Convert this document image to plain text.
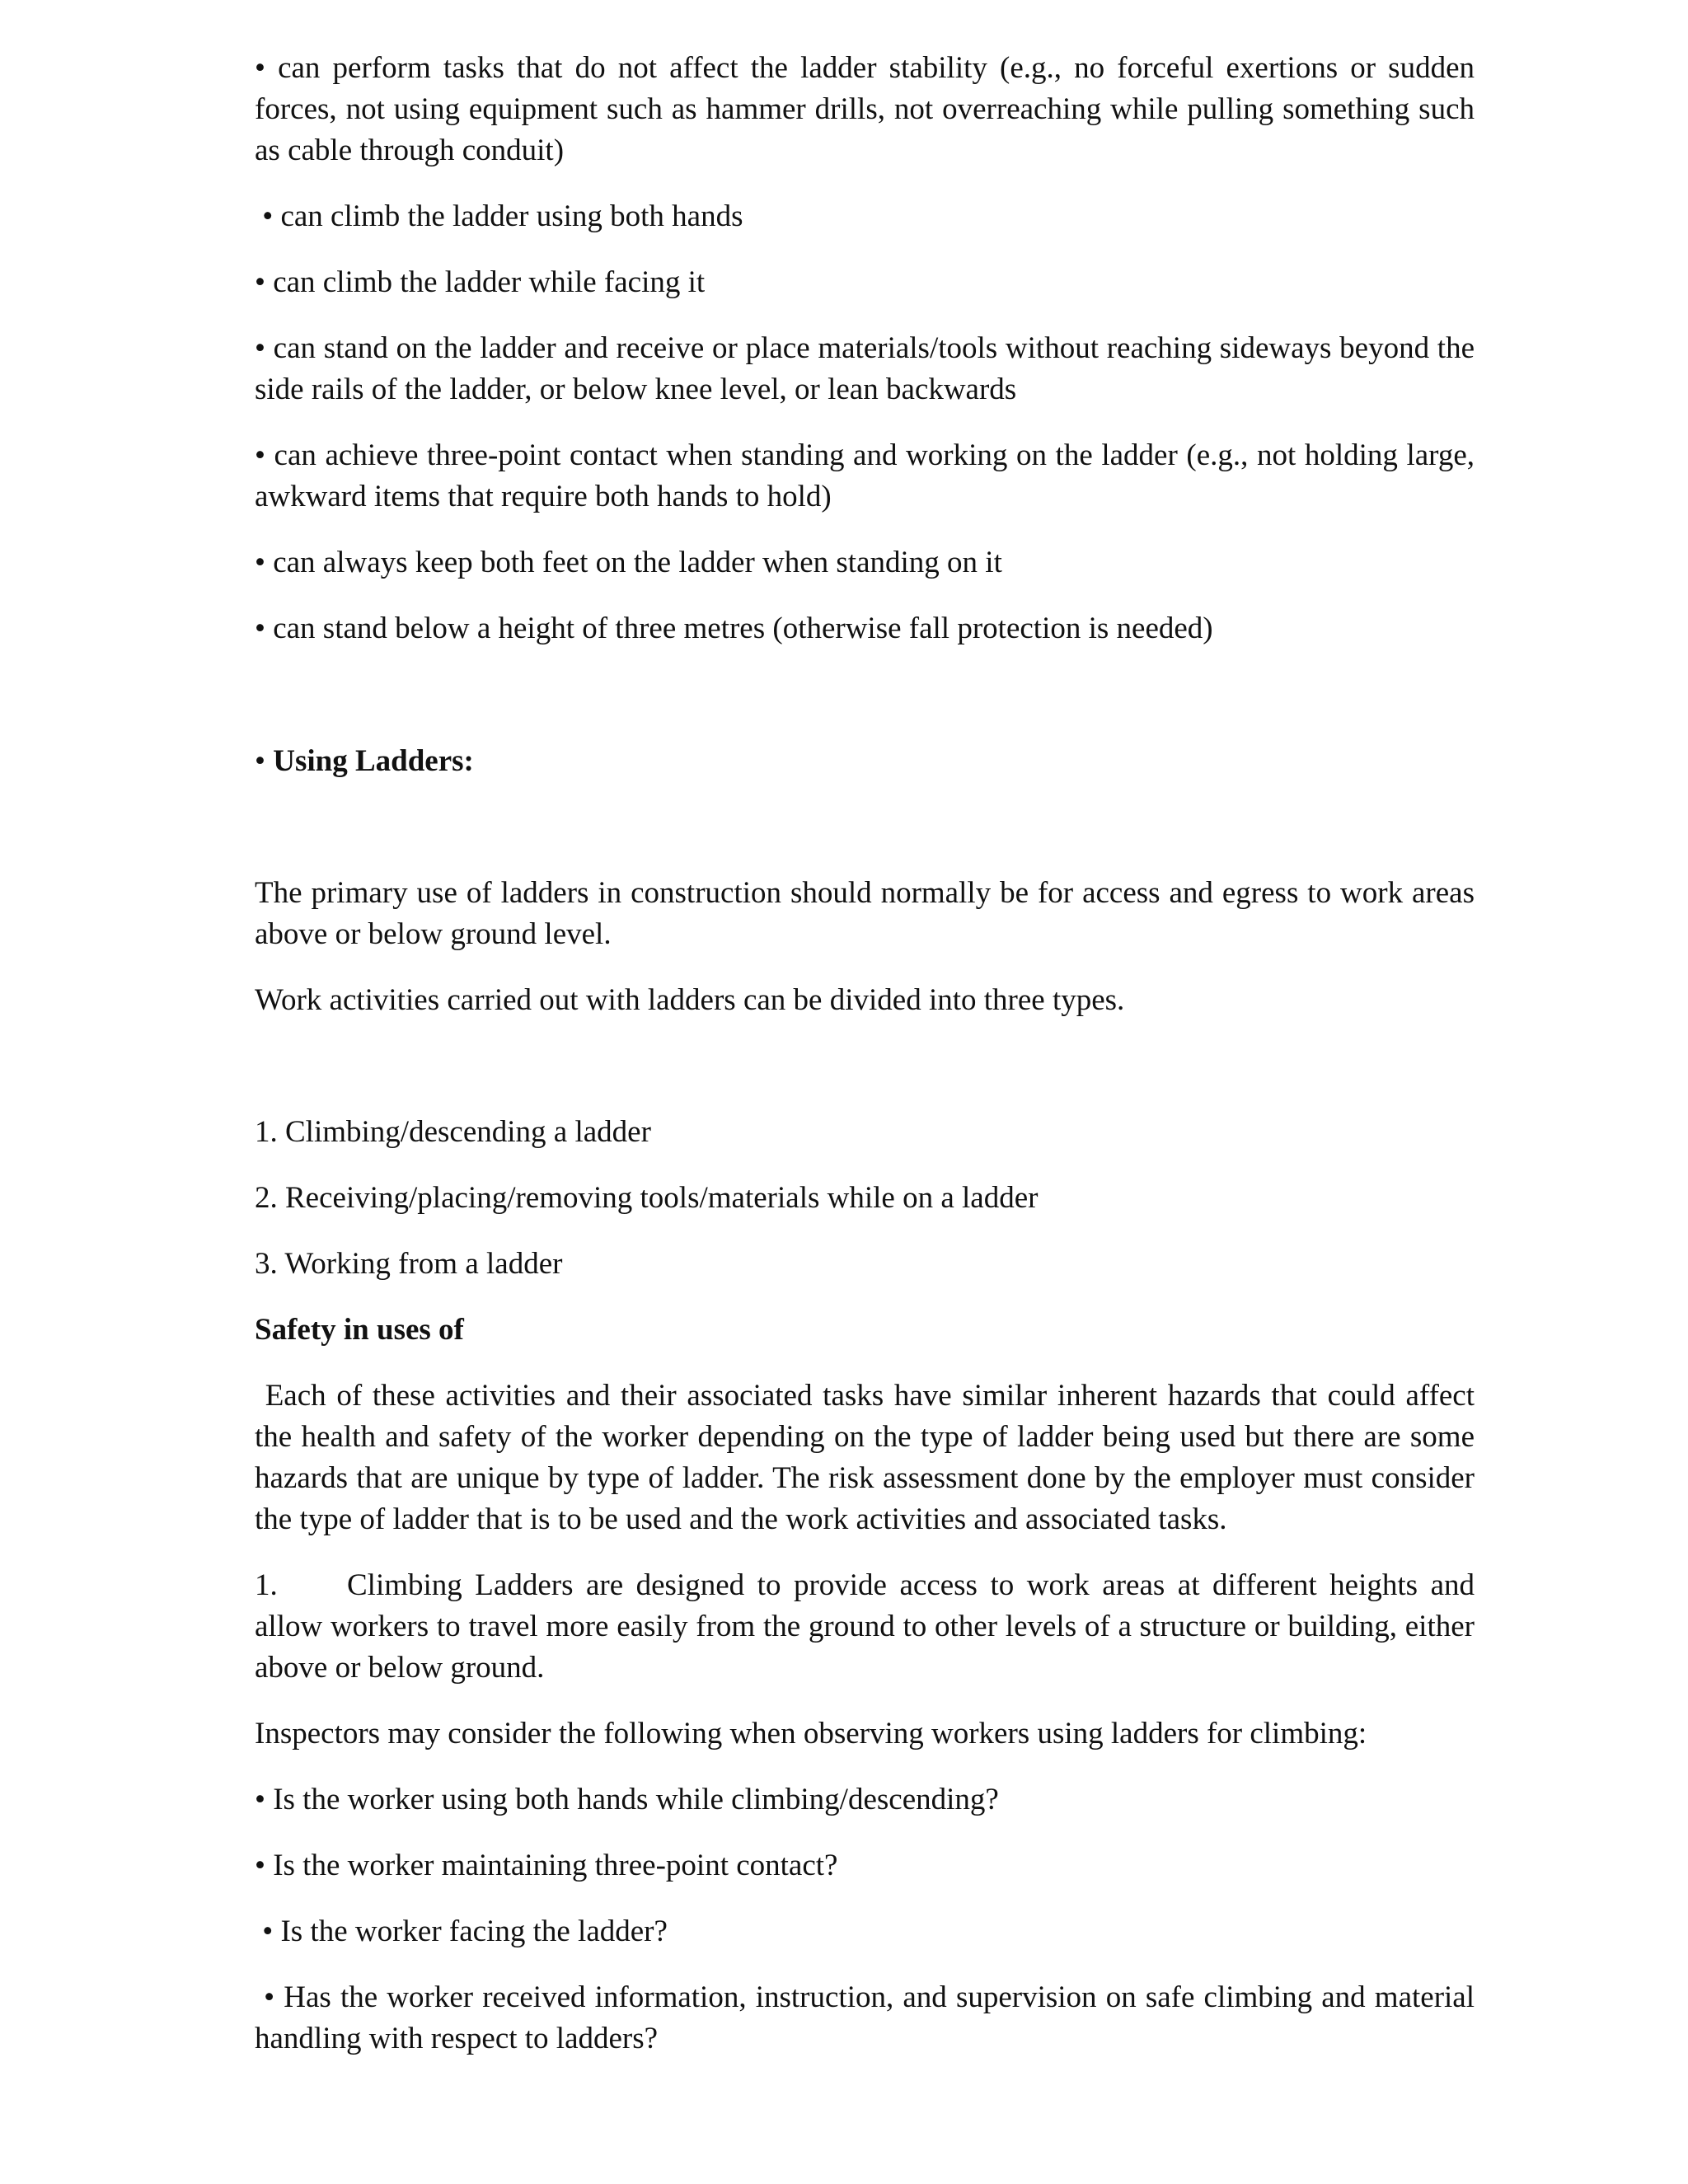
• can perform tasks that do not affect the ladder stability (e.g., no forceful exertions or sudden forces, not using equipment such as hammer drills, not overreaching while pulling something such as cable through conduit)

• can climb the ladder using both hands

• can climb the ladder while facing it

• can stand on the ladder and receive or place materials/tools without reaching sideways beyond the side rails of the ladder, or below knee level, or lean backwards

• can achieve three-point contact when standing and working on the ladder (e.g., not holding large, awkward items that require both hands to hold)

• can always keep both feet on the ladder when standing on it

• can stand below a height of three metres (otherwise fall protection is needed)

• Using Ladders:

The primary use of ladders in construction should normally be for access and egress to work areas above or below ground level.

Work activities carried out with ladders can be divided into three types.

1. Climbing/descending a ladder

2. Receiving/placing/removing tools/materials while on a ladder

3. Working from a ladder

Safety in uses of

Each of these activities and their associated tasks have similar inherent hazards that could affect the health and safety of the worker depending on the type of ladder being used but there are some hazards that are unique by type of ladder. The risk assessment done by the employer must consider the type of ladder that is to be used and the work activities and associated tasks.

1. Climbing Ladders are designed to provide access to work areas at different heights and allow workers to travel more easily from the ground to other levels of a structure or building, either above or below ground.

Inspectors may consider the following when observing workers using ladders for climbing:

• Is the worker using both hands while climbing/descending?

• Is the worker maintaining three-point contact?

• Is the worker facing the ladder?

• Has the worker received information, instruction, and supervision on safe climbing and material handling with respect to ladders?
